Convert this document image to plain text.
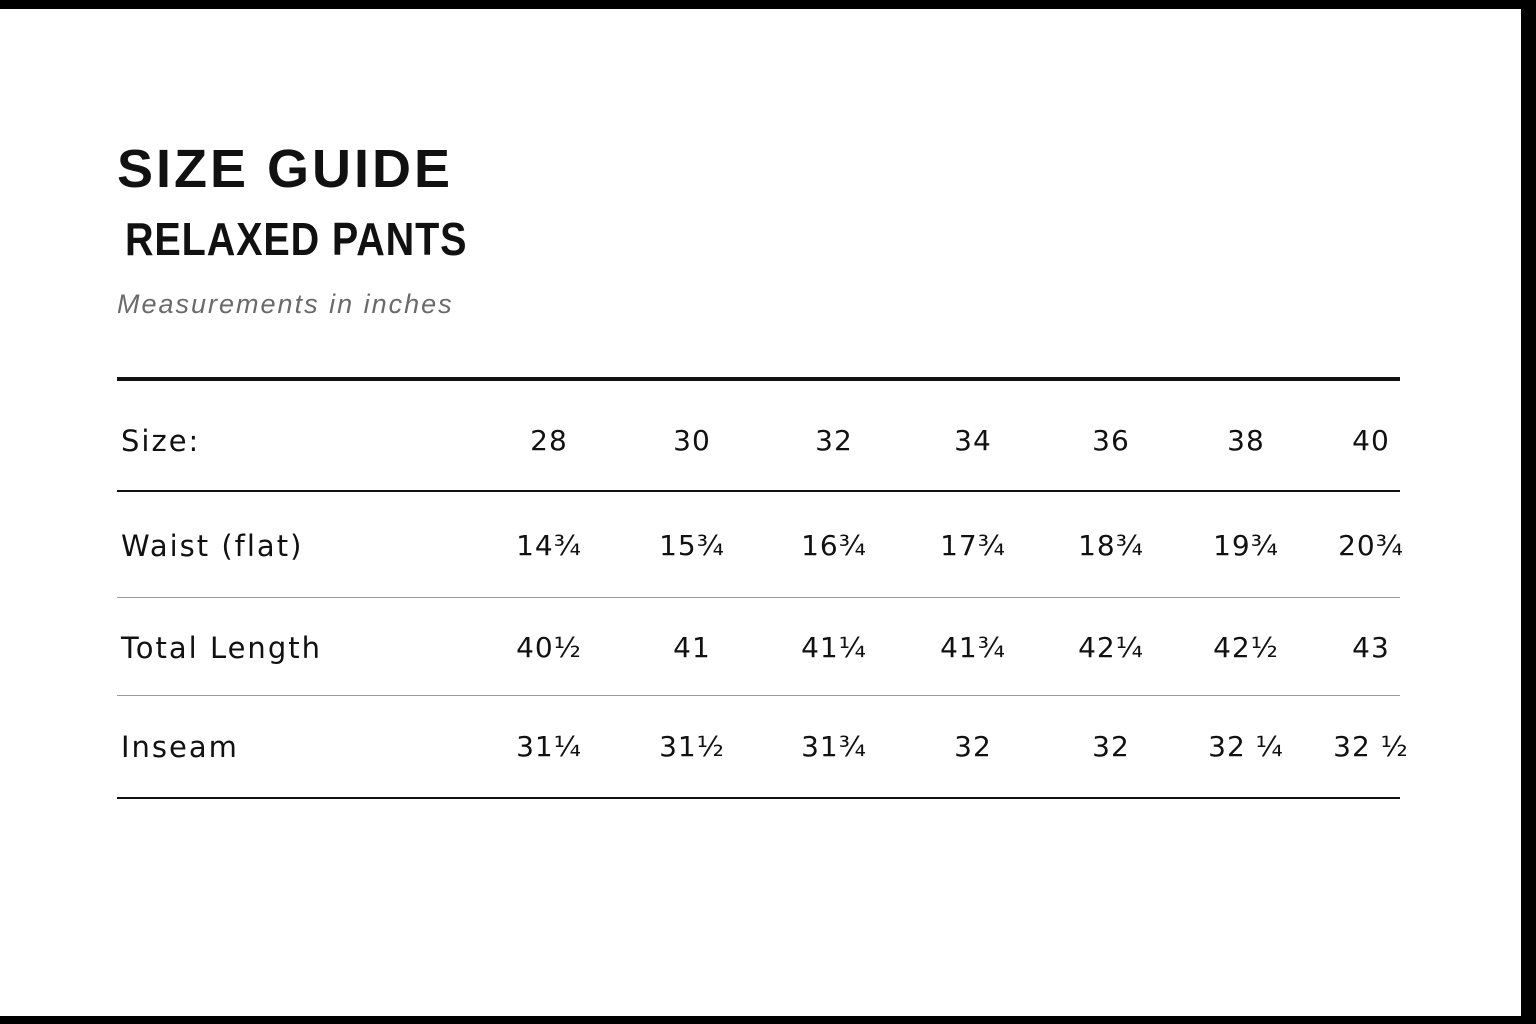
SIZE GUIDE
RELAXED PANTS
Measurements in inches
Size:	28	30	32	34	36	38	40
Waist (flat)	14¾	15¾	16¾	17¾	18¾	19¾	20¾
Total Length	40½	41	41¼	41¾	42¼	42½	43
Inseam	31¼	31½	31¾	32	32	32 ¼	32 ½
